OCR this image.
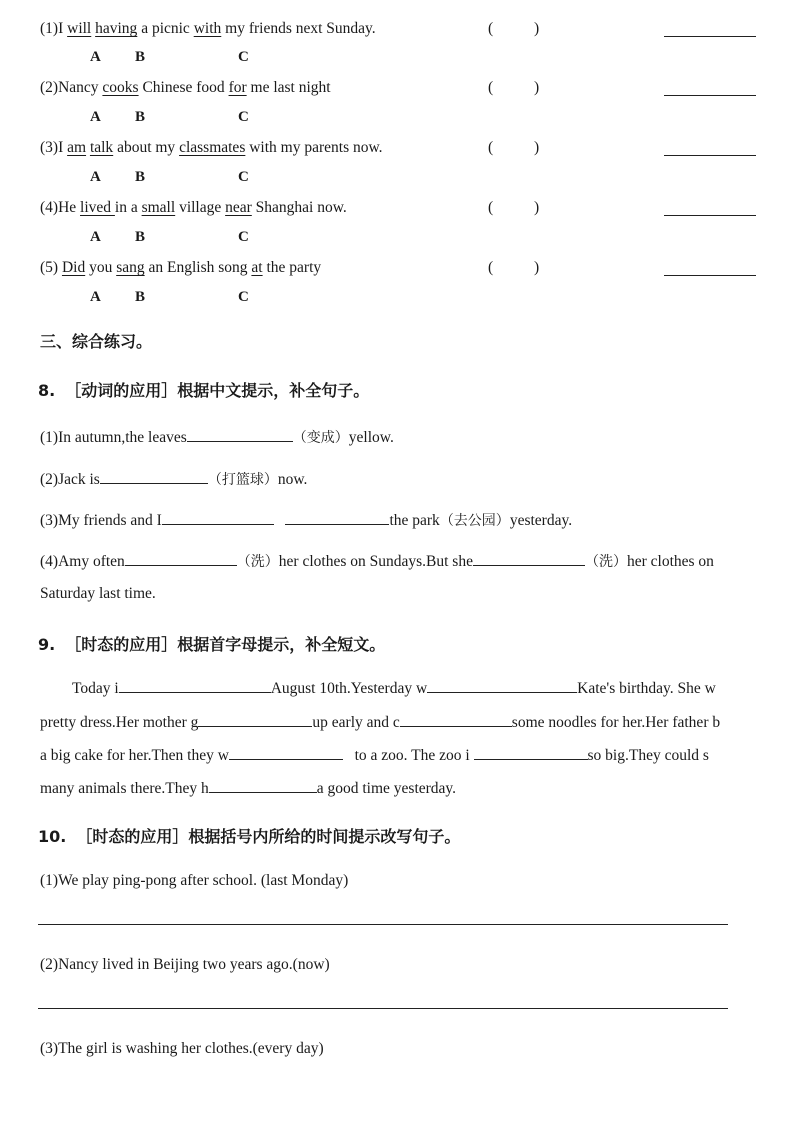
(1)I will having a picnic with my friends next Sunday.	(	)
A B	C
(2)Nancy cooks Chinese food for me last night	(	)
A B	C
(3)I am talk about my classmates with my parents now.	(	)
A B	C
(4)He lived in a small village near Shanghai now.	(	)
A B	C
(5) Did you sang an English song at the party	(	)
A B	C
三、综合练习。
8. ［动词的应用］根据中文提示，补全句子。
(1)In autumn,the leaves	（变成）yellow.
(2)Jack is	（打篮球）now.
(3)My friends and I	the park（去公园）yesterday.
(4)Amy often	（洗）her clothes on Sundays.But she	（洗）her clothes on
Saturday last time.
9. ［时态的应用］根据首字母提示，补全短文。
Today i	August 10th.Yesterday w	Kate's birthday. She w
pretty dress.Her mother g	up early and c	some noodles for her.Her father b
a big cake for her.Then they w	to a zoo. The zoo i	so big.They could s
many animals there.They h	a good time yesterday.
10. ［时态的应用］根据括号内所给的时间提示改写句子。
(1)We play ping-pong after school. (last Monday)
(2)Nancy lived in Beijing two years ago.(now)
(3)The girl is washing her clothes.(every day)
